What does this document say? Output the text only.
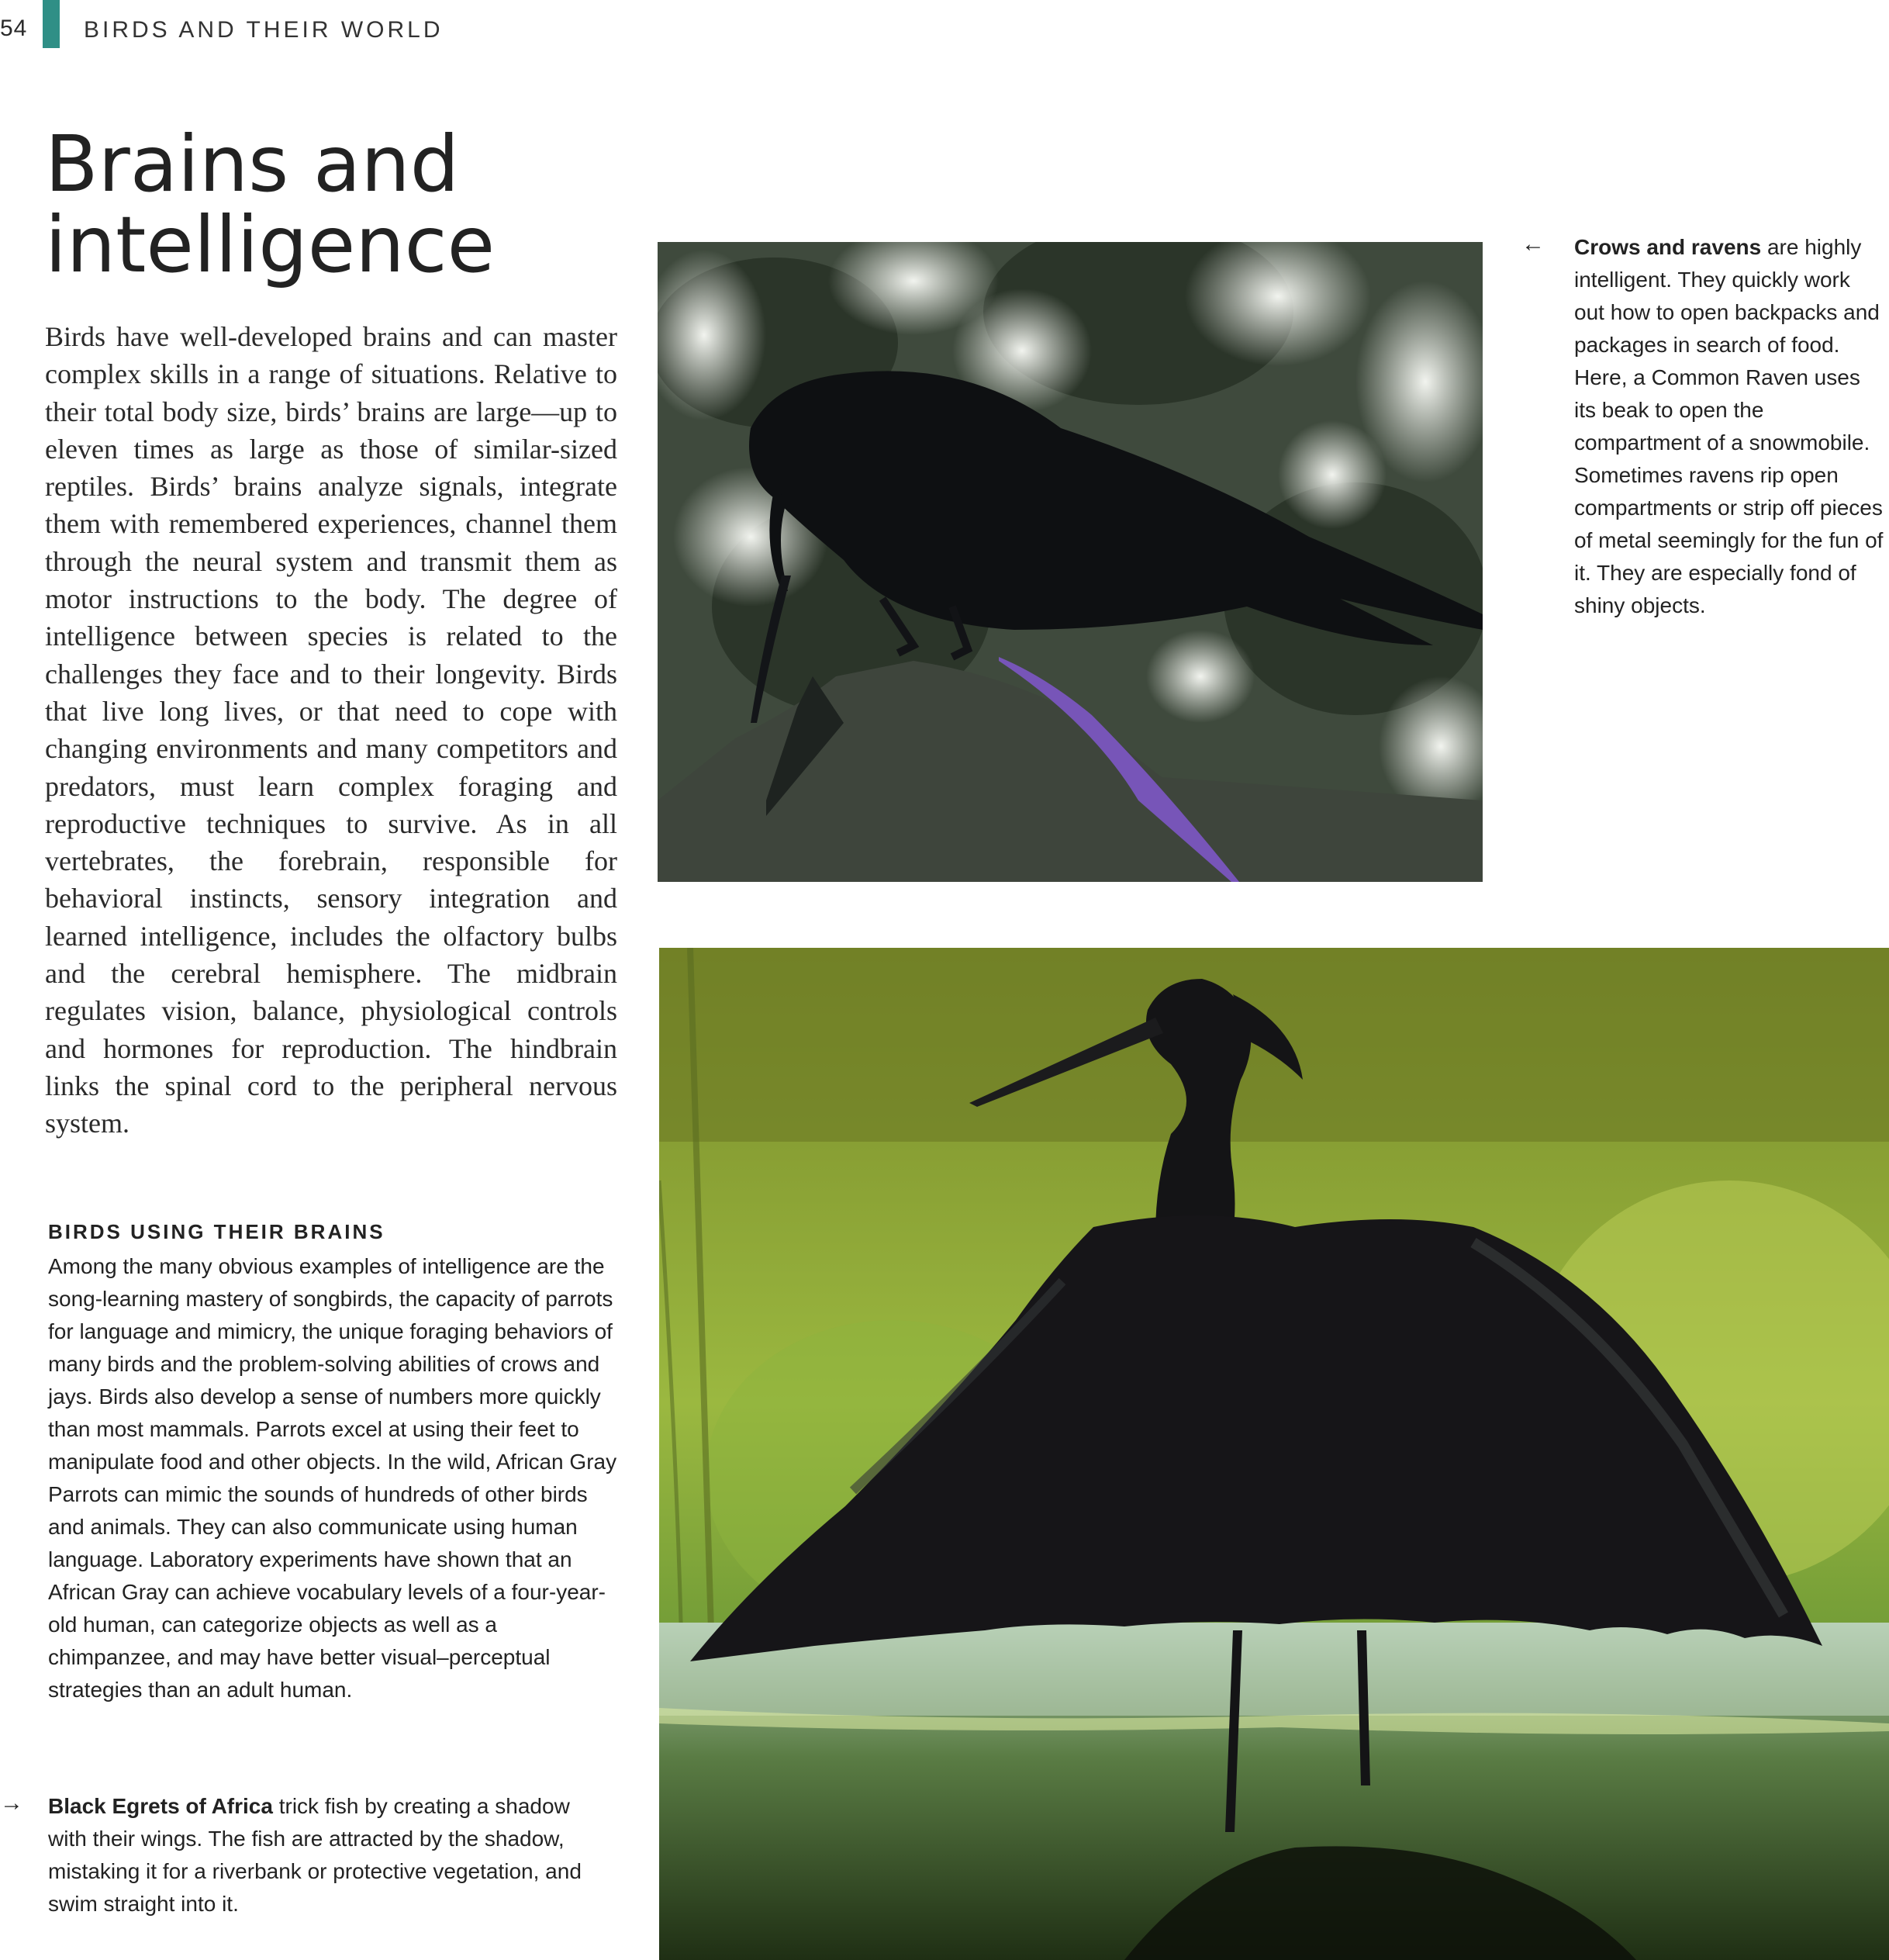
54 BIRDS AND THEIR WORLD
Brains and
intelligence

Birds have well-developed brains and can master complex skills in a range of situations. Relative to their total body size, birds’ brains are large—up to eleven times as large as those of similar-sized reptiles. Birds’ brains analyze signals, integrate them with remembered experiences, channel them through the neural system and transmit them as motor instructions to the body. The degree of intelligence between species is related to the challenges they face and to their longevity. Birds that live long lives, or that need to cope with changing environments and many competitors and predators, must learn complex foraging and reproductive techniques to survive. As in all vertebrates, the forebrain, responsible for behavioral instincts, sensory integration and learned intelligence, includes the olfactory bulbs and the cerebral hemisphere. The midbrain regulates vision, balance, physiological controls and hormones for reproduction. The hindbrain links the spinal cord to the peripheral nervous system.

BIRDS USING THEIR BRAINS

Among the many obvious examples of intelligence are the song-learning mastery of songbirds, the capacity of parrots for language and mimicry, the unique foraging behaviors of many birds and the problem-solving abilities of crows and jays. Birds also develop a sense of numbers more quickly than most mammals. Parrots excel at using their feet to manipulate food and other objects. In the wild, African Gray Parrots can mimic the sounds of hundreds of other birds and animals. They can also communicate using human language. Laboratory experiments have shown that an African Gray can achieve vocabulary levels of a four-year-old human, can categorize objects as well as a chimpanzee, and may have better visual–perceptual strategies than an adult human.

→ Black Egrets of Africa trick fish by creating a shadow with their wings. The fish are attracted by the shadow, mistaking it for a riverbank or protective vegetation, and swim straight into it.

← Crows and ravens are highly intelligent. They quickly work out how to open backpacks and packages in search of food. Here, a Common Raven uses its beak to open the compartment of a snowmobile. Sometimes ravens rip open compartments or strip off pieces of metal seemingly for the fun of it. They are especially fond of shiny objects.
